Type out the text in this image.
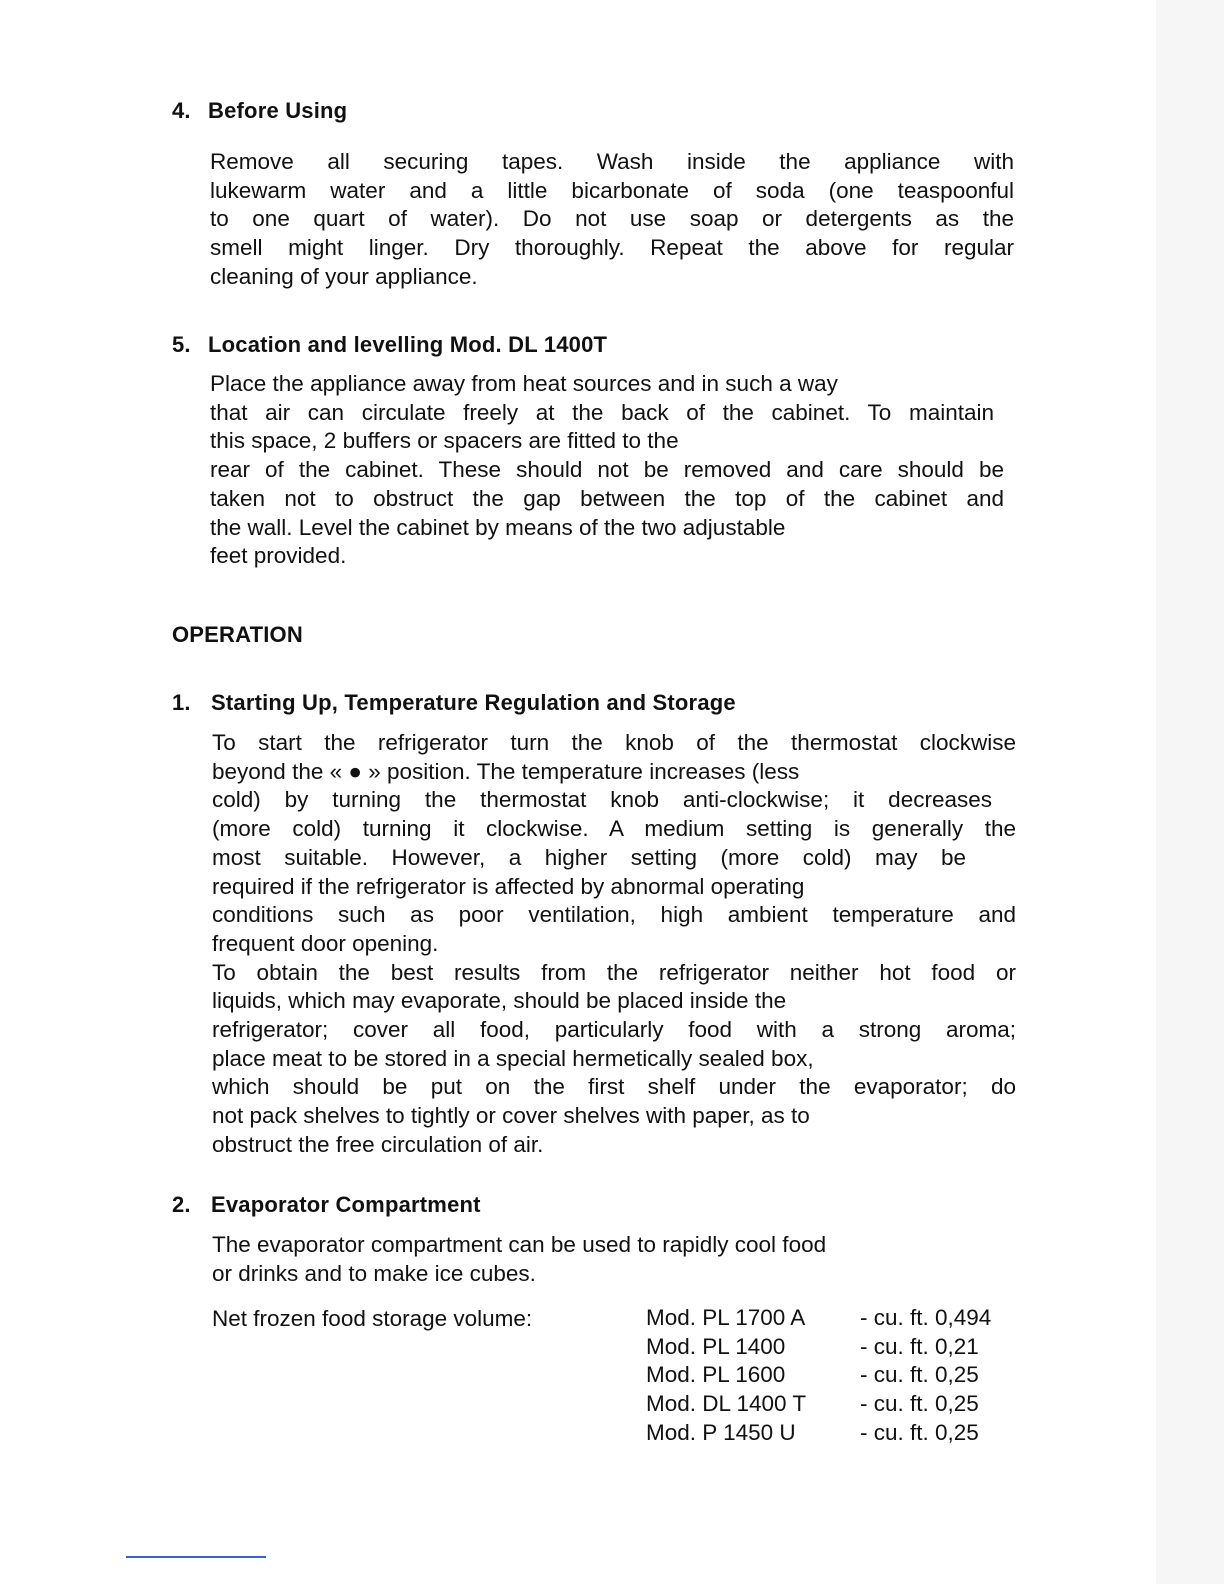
4. Before Using
Remove all securing tapes. Wash inside the appliance with
lukewarm water and a little bicarbonate of soda (one teaspoonful
to one quart of water). Do not use soap or detergents as the
smell might linger. Dry thoroughly. Repeat the above for regular
cleaning of your appliance.
5. Location and levelling Mod. DL 1400T
Place the appliance away from heat sources and in such a way
that air can circulate freely at the back of the cabinet. To maintain
this space, 2 buffers or spacers are fitted to the
rear of the cabinet. These should not be removed and care should be
taken not to obstruct the gap between the top of the cabinet and
the wall. Level the cabinet by means of the two adjustable
feet provided.
OPERATION
1. Starting Up, Temperature Regulation and Storage
To start the refrigerator turn the knob of the thermostat clockwise
beyond the « ● » position. The temperature increases (less
cold) by turning the thermostat knob anti-clockwise; it decreases
(more cold) turning it clockwise. A medium setting is generally the
most suitable. However, a higher setting (more cold) may be
required if the refrigerator is affected by abnormal operating
conditions such as poor ventilation, high ambient temperature and
frequent door opening.
To obtain the best results from the refrigerator neither hot food or
liquids, which may evaporate, should be placed inside the
refrigerator; cover all food, particularly food with a strong aroma;
place meat to be stored in a special hermetically sealed box,
which should be put on the first shelf under the evaporator; do
not pack shelves to tightly or cover shelves with paper, as to
obstruct the free circulation of air.
2. Evaporator Compartment
The evaporator compartment can be used to rapidly cool food
or drinks and to make ice cubes.
Net frozen food storage volume:	Mod. PL 1700 A	- cu. ft. 0,494
Mod. PL 1400	- cu. ft. 0,21
Mod. PL 1600	- cu. ft. 0,25
Mod. DL 1400 T	- cu. ft. 0,25
Mod. P 1450 U	- cu. ft. 0,25
